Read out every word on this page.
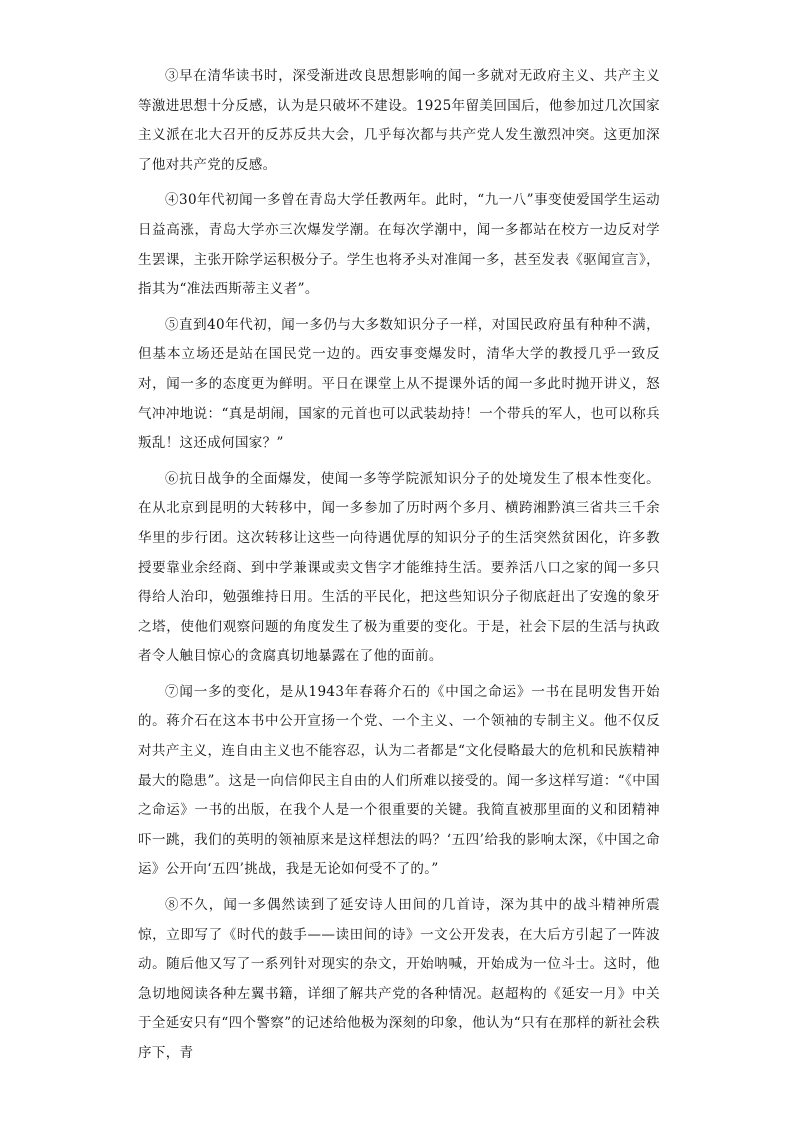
③早在清华读书时，深受渐进改良思想影响的闻一多就对无政府主义、共产主义等激进思想十分反感，认为是只破坏不建设。1925年留美回国后，他参加过几次国家主义派在北大召开的反苏反共大会，几乎每次都与共产党人发生激烈冲突。这更加深了他对共产党的反感。

④30年代初闻一多曾在青岛大学任教两年。此时，“九一八”事变使爱国学生运动日益高涨，青岛大学亦三次爆发学潮。在每次学潮中，闻一多都站在校方一边反对学生罢课，主张开除学运积极分子。学生也将矛头对准闻一多，甚至发表《驱闻宣言》，指其为“准法西斯蒂主义者”。

⑤直到40年代初，闻一多仍与大多数知识分子一样，对国民政府虽有种种不满，但基本立场还是站在国民党一边的。西安事变爆发时，清华大学的教授几乎一致反对，闻一多的态度更为鲜明。平日在课堂上从不提课外话的闻一多此时抛开讲义，怒气冲冲地说：“真是胡闹，国家的元首也可以武装劫持！一个带兵的军人，也可以称兵叛乱！这还成何国家？”

⑥抗日战争的全面爆发，使闻一多等学院派知识分子的处境发生了根本性变化。在从北京到昆明的大转移中，闻一多参加了历时两个多月、横跨湘黔滇三省共三千余华里的步行团。这次转移让这些一向待遇优厚的知识分子的生活突然贫困化，许多教授要靠业余经商、到中学兼课或卖文售字才能维持生活。要养活八口之家的闻一多只得给人治印，勉强维持日用。生活的平民化，把这些知识分子彻底赶出了安逸的象牙之塔，使他们观察问题的角度发生了极为重要的变化。于是，社会下层的生活与执政者令人触目惊心的贪腐真切地暴露在了他的面前。

⑦闻一多的变化，是从1943年春蒋介石的《中国之命运》一书在昆明发售开始的。蒋介石在这本书中公开宣扬一个党、一个主义、一个领袖的专制主义。他不仅反对共产主义，连自由主义也不能容忍，认为二者都是“文化侵略最大的危机和民族精神最大的隐患”。这是一向信仰民主自由的人们所难以接受的。闻一多这样写道：“《中国之命运》一书的出版，在我个人是一个很重要的关键。我简直被那里面的义和团精神吓一跳，我们的英明的领袖原来是这样想法的吗？‘五四’给我的影响太深，《中国之命运》公开向‘五四’挑战，我是无论如何受不了的。”

⑧不久，闻一多偶然读到了延安诗人田间的几首诗，深为其中的战斗精神所震惊，立即写了《时代的鼓手——读田间的诗》一文公开发表，在大后方引起了一阵波动。随后他又写了一系列针对现实的杂文，开始呐喊，开始成为一位斗士。这时，他急切地阅读各种左翼书籍，详细了解共产党的各种情况。赵超构的《延安一月》中关于全延安只有“四个警察”的记述给他极为深刻的印象，他认为“只有在那样的新社会秩序下，青
